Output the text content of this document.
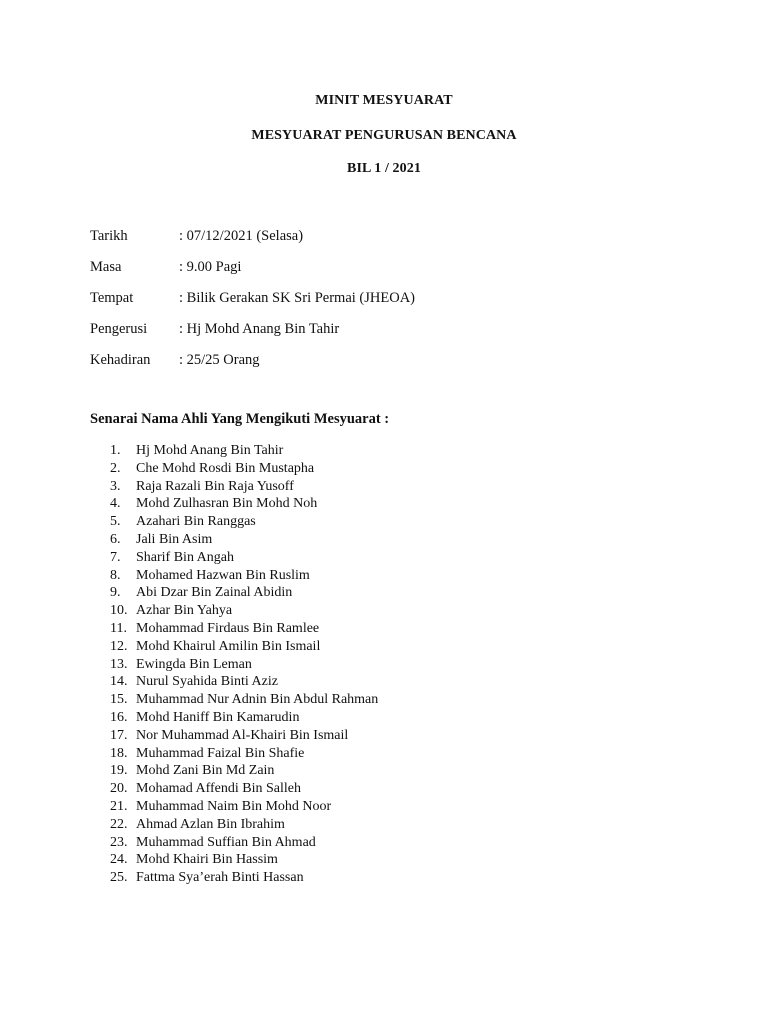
MINIT MESYUARAT
MESYUARAT PENGURUSAN BENCANA
BIL 1 / 2021
Tarikh	: 07/12/2021 (Selasa)
Masa	: 9.00 Pagi
Tempat	: Bilik Gerakan SK Sri Permai (JHEOA)
Pengerusi : Hj Mohd Anang Bin Tahir
Kehadiran : 25/25 Orang
Senarai Nama Ahli Yang Mengikuti Mesyuarat :
1. Hj Mohd Anang Bin Tahir
2. Che Mohd Rosdi Bin Mustapha
3. Raja Razali Bin Raja Yusoff
4. Mohd Zulhasran Bin Mohd Noh
5. Azahari Bin Ranggas
6. Jali Bin Asim
7. Sharif Bin Angah
8. Mohamed Hazwan Bin Ruslim
9. Abi Dzar Bin Zainal Abidin
10. Azhar Bin Yahya
11. Mohammad Firdaus Bin Ramlee
12. Mohd Khairul Amilin Bin Ismail
13. Ewingda Bin Leman
14. Nurul Syahida Binti Aziz
15. Muhammad Nur Adnin Bin Abdul Rahman
16. Mohd Haniff Bin Kamarudin
17. Nor Muhammad Al-Khairi Bin Ismail
18. Muhammad Faizal Bin Shafie
19. Mohd Zani Bin Md Zain
20. Mohamad Affendi Bin Salleh
21. Muhammad Naim Bin Mohd Noor
22. Ahmad Azlan Bin Ibrahim
23. Muhammad Suffian Bin Ahmad
24. Mohd Khairi Bin Hassim
25. Fattma Sya’erah Binti Hassan
